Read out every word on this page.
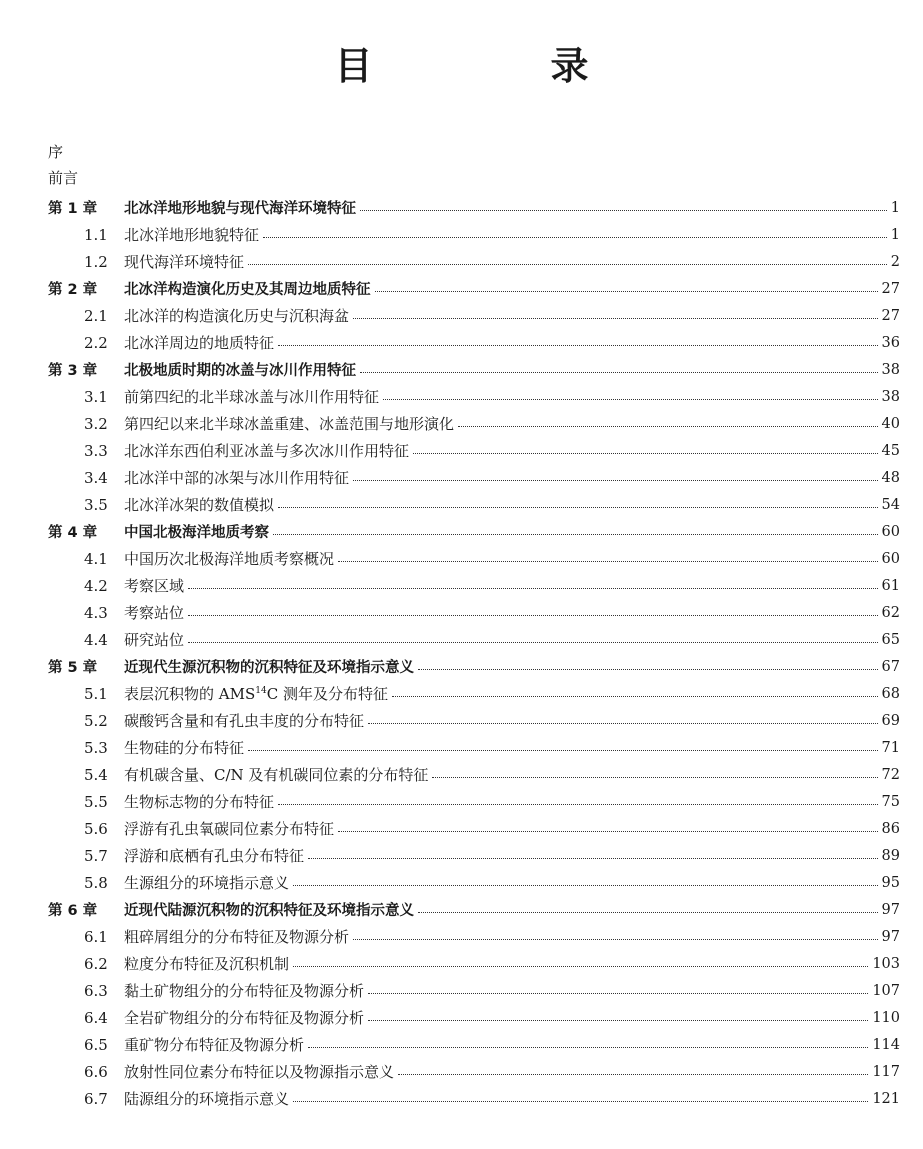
目　录
序
前言
第 1 章	北冰洋地形地貌与现代海洋环境特征	1
1.1	北冰洋地形地貌特征	1
1.2	现代海洋环境特征	2
第 2 章	北冰洋构造演化历史及其周边地质特征	27
2.1	北冰洋的构造演化历史与沉积海盆	27
2.2	北冰洋周边的地质特征	36
第 3 章	北极地质时期的冰盖与冰川作用特征	38
3.1	前第四纪的北半球冰盖与冰川作用特征	38
3.2	第四纪以来北半球冰盖重建、冰盖范围与地形演化	40
3.3	北冰洋东西伯利亚冰盖与多次冰川作用特征	45
3.4	北冰洋中部的冰架与冰川作用特征	48
3.5	北冰洋冰架的数值模拟	54
第 4 章	中国北极海洋地质考察	60
4.1	中国历次北极海洋地质考察概况	60
4.2	考察区域	61
4.3	考察站位	62
4.4	研究站位	65
第 5 章	近现代生源沉积物的沉积特征及环境指示意义	67
5.1	表层沉积物的 AMS$^{14}$C 测年及分布特征	68
5.2	碳酸钙含量和有孔虫丰度的分布特征	69
5.3	生物硅的分布特征	71
5.4	有机碳含量、C/N 及有机碳同位素的分布特征	72
5.5	生物标志物的分布特征	75
5.6	浮游有孔虫氧碳同位素分布特征	86
5.7	浮游和底栖有孔虫分布特征	89
5.8	生源组分的环境指示意义	95
第 6 章	近现代陆源沉积物的沉积特征及环境指示意义	97
6.1	粗碎屑组分的分布特征及物源分析	97
6.2	粒度分布特征及沉积机制	103
6.3	黏土矿物组分的分布特征及物源分析	107
6.4	全岩矿物组分的分布特征及物源分析	110
6.5	重矿物分布特征及物源分析	114
6.6	放射性同位素分布特征以及物源指示意义	117
6.7	陆源组分的环境指示意义	121
